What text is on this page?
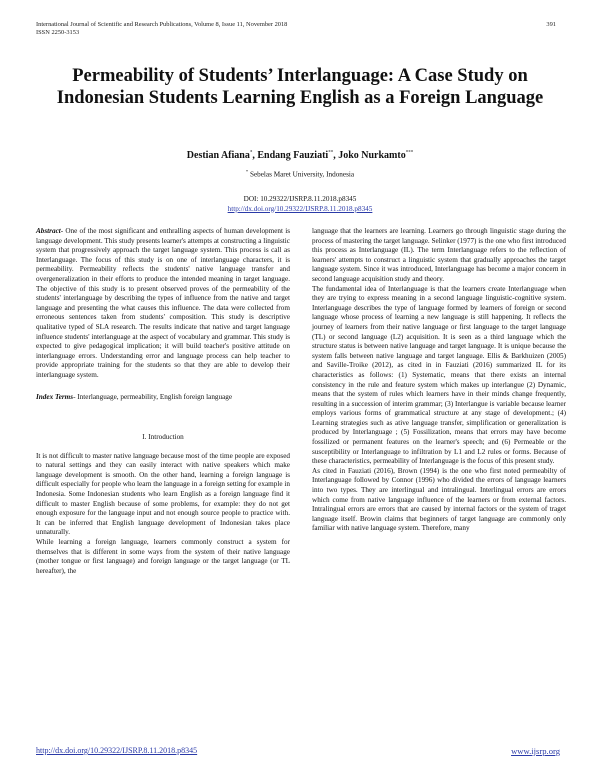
International Journal of Scientific and Research Publications, Volume 8, Issue 11, November 2018
ISSN 2250-3153
391
Permeability of Students’ Interlanguage: A Case Study on Indonesian Students Learning English as a Foreign Language
Destian Afiana*, Endang Fauziati**, Joko Nurkamto***
* Sebelas Maret University, Indonesia
DOI: 10.29322/IJSRP.8.11.2018.p8345
http://dx.doi.org/10.29322/IJSRP.8.11.2018.p8345

Abstract- One of the most significant and enthralling aspects of human development is language development. This study presents learner's attempts at constructing a linguistic system that progressively approach the target language system. This process is call as Interlanguage. The focus of this study is on one of interlanguage characters, it is permeability. Permeability reflects the students' native language transfer and overgeneralization in their efforts to produce the intended meaning in target language. The objective of this study is to present observed proves of the permeability of the students' interlanguage by describing the types of influence from the native and target language and presenting the what causes this influence. The data were collected from erroneous sentences taken from students' composition. This study is descriptive qualitative typed of SLA research. The results indicate that native and target language influence students' interlanguage at the aspect of vocabulary and grammar. This study is expected to give pedagogical implication; it will build teacher's positive attitude on interlanguage errors. Understanding error and language process can help teacher to provide appropriate training for the students so that they are able to develop their interlanguage system.

Index Terms- Interlanguage, permeability, English foreign language

I. Introduction

It is not difficult to master native language because most of the time people are exposed to natural settings and they can easily interact with native speakers which make language development is smooth. On the other hand, learning a foreign language is difficult especially for people who learn the language in a foreign setting for example in Indonesia. Some Indonesian students who learn English as a foreign language find it difficult to master English because of some problems, for example: they do not get enough exposure for the language input and not enough source people to practice with. It can be inferred that English language development of Indonesian takes place unnaturally.

While learning a foreign language, learners commonly construct a system for themselves that is different in some ways from the system of their native language (mother tongue or first language) and foreign language or the target language (or TL hereafter), the

language that the learners are learning. Learners go through linguistic stage during the process of mastering the target language. Selinker (1977) is the one who first introduced this process as Interlanguage (IL). The term Interlanguage refers to the reflection of learners' attempts to construct a linguistic system that gradually approaches the target language system. Since it was introduced, Interlanguage has become a major concern in second language acquisition study and theory.

The fundamental idea of Interlanguage is that the learners create Interlanguage when they are trying to express meaning in a second language linguistic-cognitive system. Interlanguage describes the type of language formed by learners of foreign or second language whose process of learning a new language is still happening. It reflects the journey of learners from their native language or first language to the target language (TL) or second language (L2) acquisition. It is seen as a third language which the structure status is between native language and target language. It is unique because the system falls between native language and target language. Ellis & Barkhuizen (2005) and Saville-Troike (2012), as cited in in Fauziati (2016) summarized IL for its characteristics as follows: (1) Systematic, means that there exists an internal consistency in the rule and feature system which makes up interlangue (2) Dynamic, means that the system of rules which learners have in their minds change frequently, resulting in a succession of interim grammar; (3) Interlangue is variable because learner employs various forms of grammatical structure at any stage of development.; (4) Learning strategies such as ative language transfer, simplification or generalization is produced by Interlanguage ; (5) Fossilization, means that errors may have become fossilized or permanent features on the learner's speech; and (6) Permeable or the susceptibility or Interlanguage to infiltration by L1 and L2 rules or forms. Because of these characteristics, permeability of Interlanguage is the focus of this present study.

As cited in Fauziati (2016), Brown (1994) is the one who first noted permeabilty of Interlanguage followed by Connor (1996) who divided the errors of language learners into two types. They are interlingual and intralingual. Interlingual errors are errors which come from native language influence of the learners or from external factors. Intralingual errors are errors that are caused by internal factors or the system of traget language itself. Browin claims that beginners of target language are commonly only familiar with native language system. Therefore, many

http://dx.doi.org/10.29322/IJSRP.8.11.2018.p8345	www.ijsrp.org
